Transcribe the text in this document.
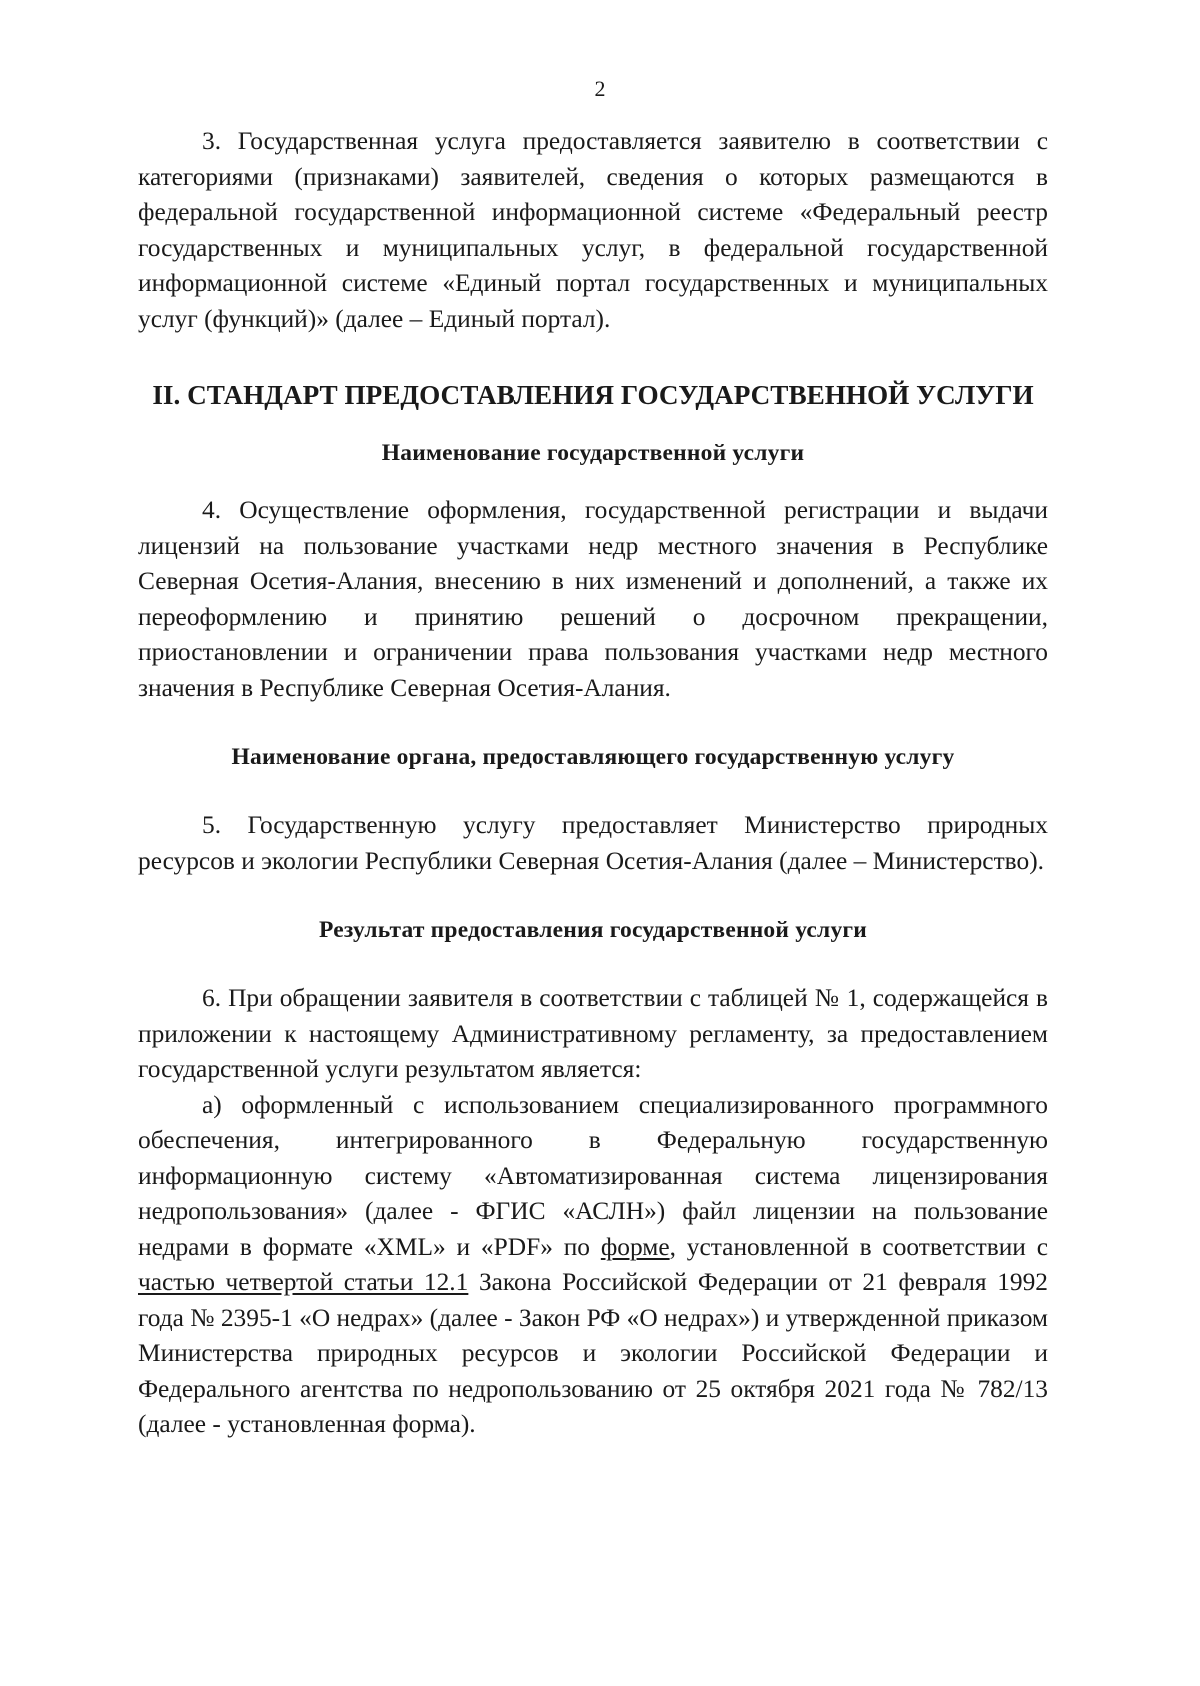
2

3. Государственная услуга предоставляется заявителю в соответствии с категориями (признаками) заявителей, сведения о которых размещаются в федеральной государственной информационной системе «Федеральный реестр государственных и муниципальных услуг, в федеральной государственной информационной системе «Единый портал государственных и муниципальных услуг (функций)» (далее – Единый портал).

II. СТАНДАРТ ПРЕДОСТАВЛЕНИЯ ГОСУДАРСТВЕННОЙ УСЛУГИ

Наименование государственной услуги

4. Осуществление оформления, государственной регистрации и выдачи лицензий на пользование участками недр местного значения в Республике Северная Осетия-Алания, внесению в них изменений и дополнений, а также их переоформлению и принятию решений о досрочном прекращении, приостановлении и ограничении права пользования участками недр местного значения в Республике Северная Осетия-Алания.

Наименование органа, предоставляющего государственную услугу

5. Государственную услугу предоставляет Министерство природных ресурсов и экологии Республики Северная Осетия-Алания (далее – Министерство).

Результат предоставления государственной услуги

6. При обращении заявителя в соответствии с таблицей № 1, содержащейся в приложении к настоящему Административному регламенту, за предоставлением государственной услуги результатом является:

а) оформленный с использованием специализированного программного обеспечения, интегрированного в Федеральную государственную информационную систему «Автоматизированная система лицензирования недропользования» (далее - ФГИС «АСЛН») файл лицензии на пользование недрами в формате «XML» и «PDF» по форме, установленной в соответствии с частью четвертой статьи 12.1 Закона Российской Федерации от 21 февраля 1992 года № 2395-1 «О недрах» (далее - Закон РФ «О недрах») и утвержденной приказом Министерства природных ресурсов и экологии Российской Федерации и Федерального агентства по недропользованию от 25 октября 2021 года № 782/13 (далее - установленная форма).
